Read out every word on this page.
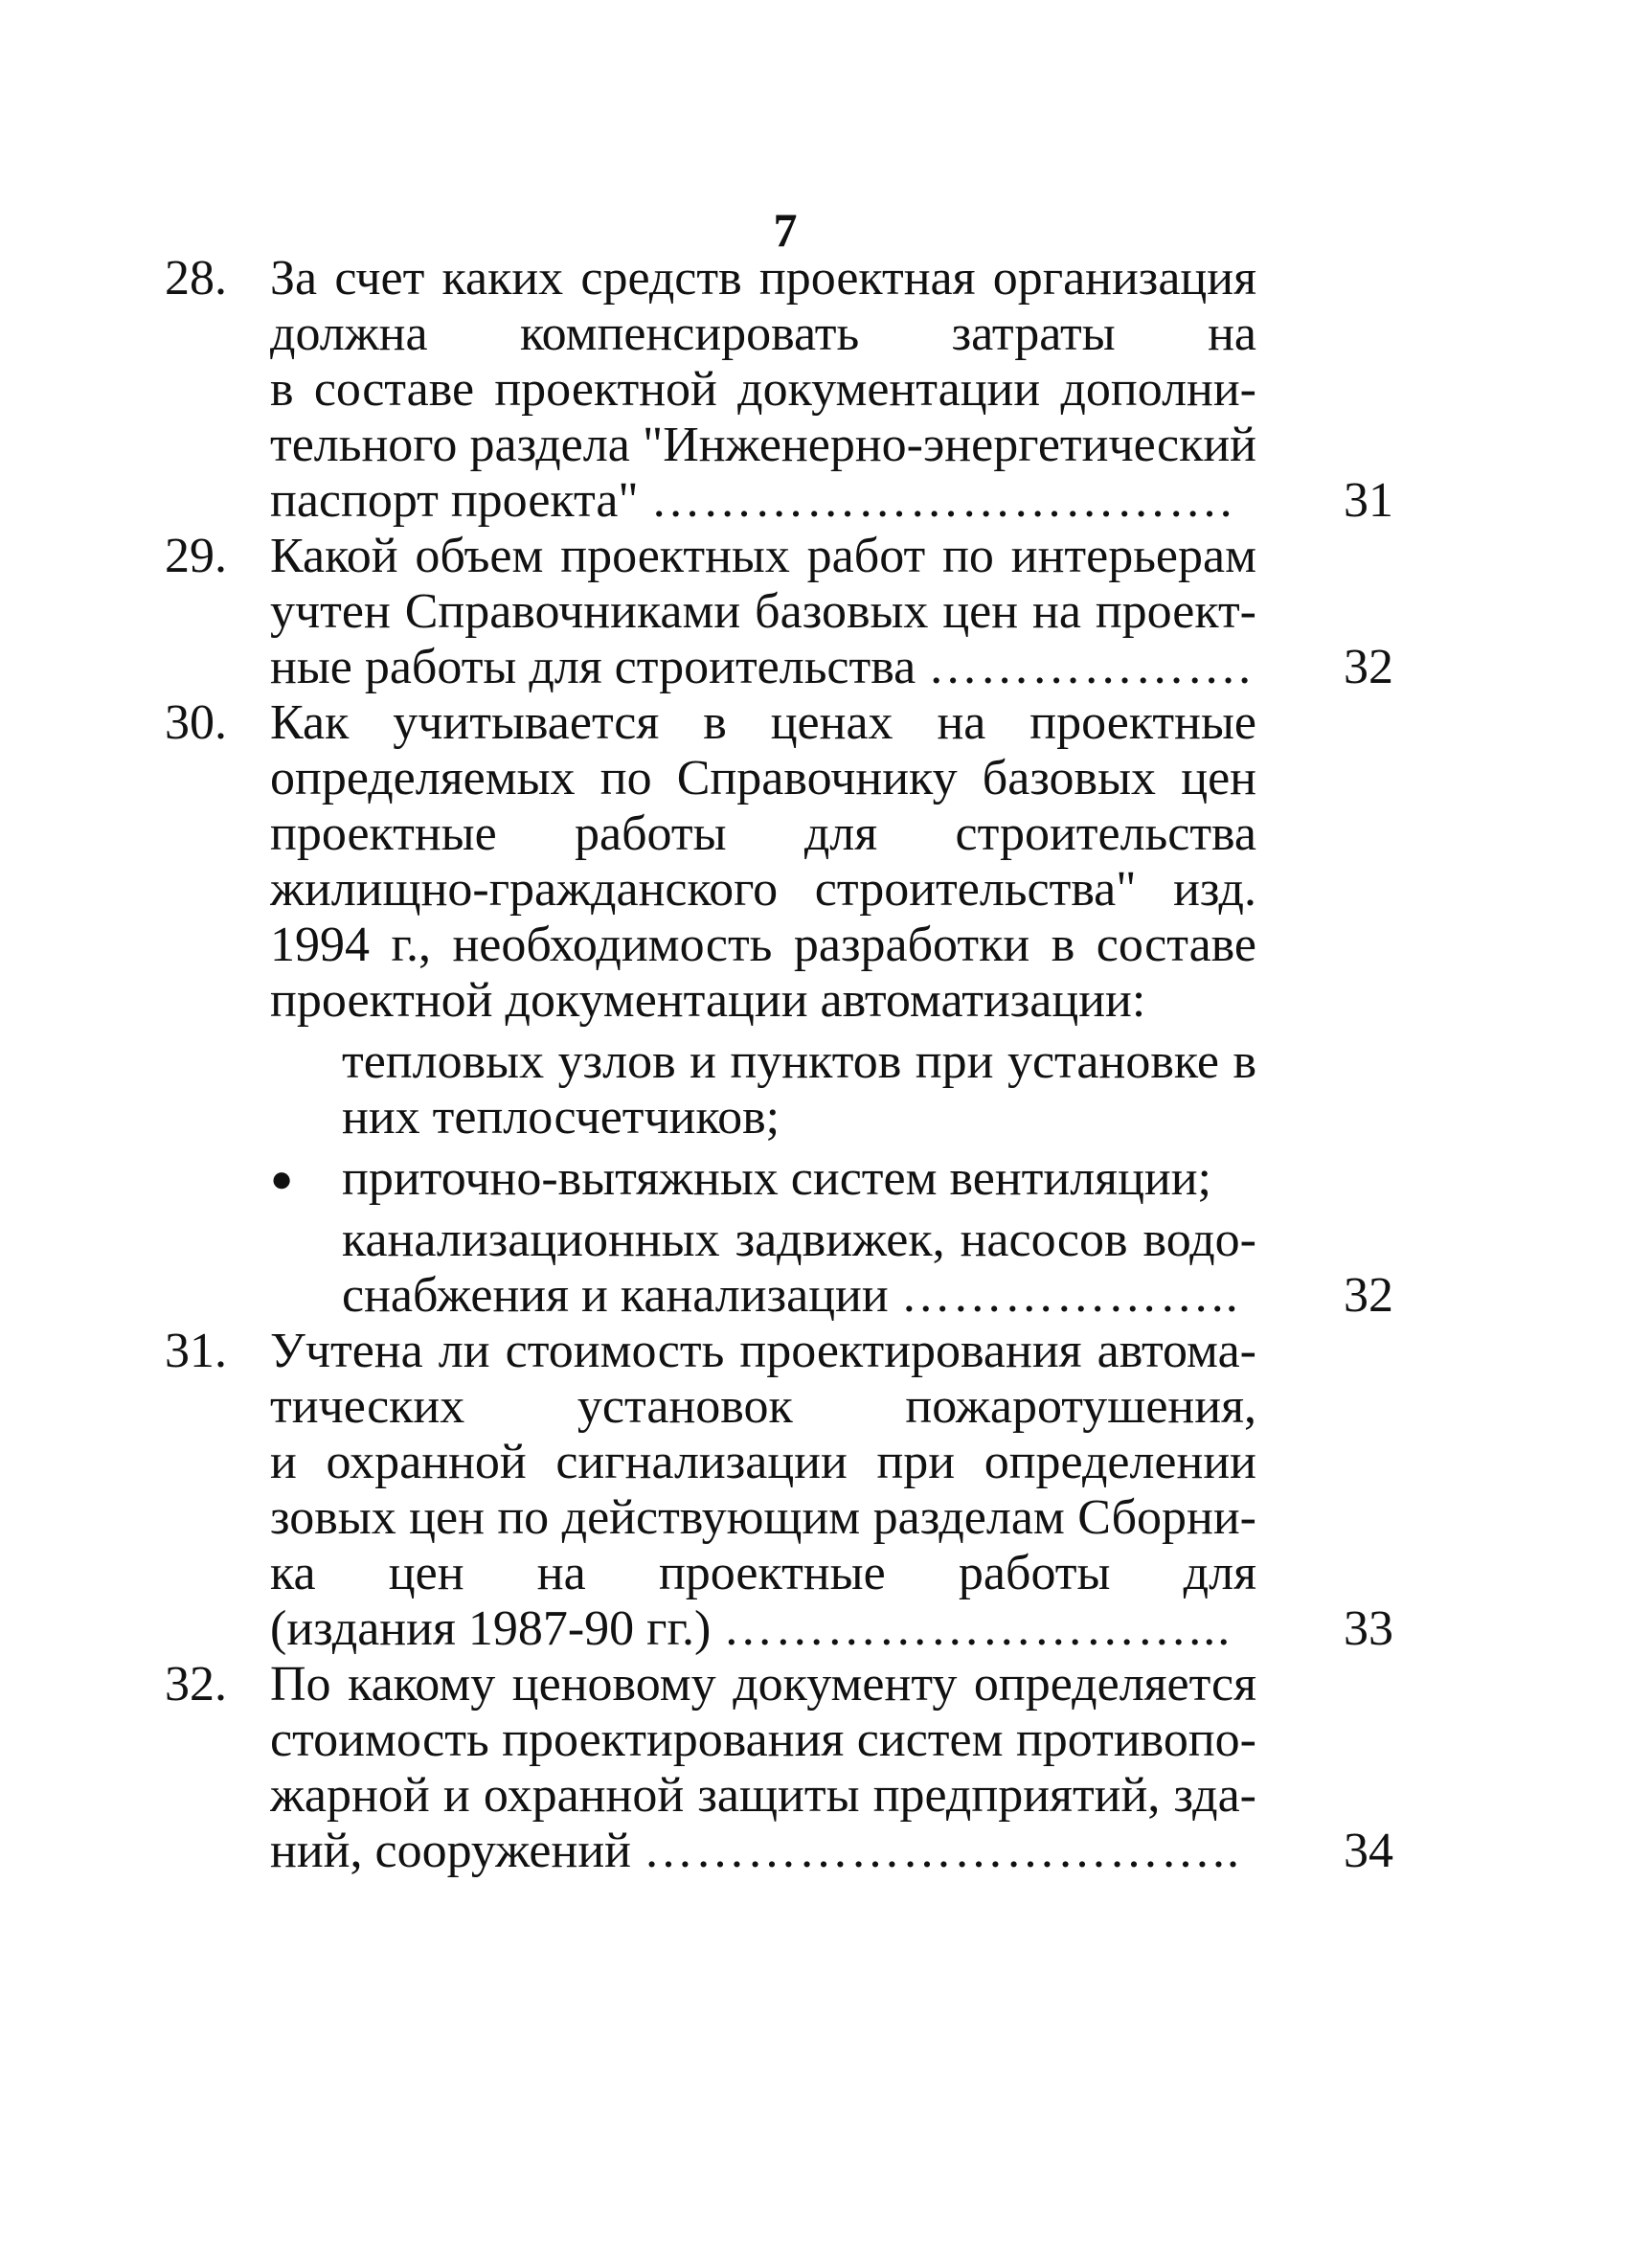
7
28. За счет каких средств проектная организация
должна компенсировать затраты на
в составе проектной документации дополни-
тельного раздела "Инженерно-энергетический
паспорт проекта" ……………………………. 31
29. Какой объем проектных работ по интерьерам
учтен Справочниками базовых цен на проект-
ные работы для строительства ………………. 32
30. Как учитывается в ценах на проектные
определяемых по Справочнику базовых цен
проектные работы для строительства
жилищно-гражданского строительства" изд.
1994 г., необходимость разработки в составе
проектной документации автоматизации:
тепловых узлов и пунктов при установке в
них теплосчетчиков;
● приточно-вытяжных систем вентиляции;
канализационных задвижек, насосов водо-
снабжения и канализации ……………….. 32
31. Учтена ли стоимость проектирования автома-
тических установок пожаротушения,
и охранной сигнализации при определении
зовых цен по действующим разделам Сборни-
ка цен на проектные работы для
(издания 1987-90 гг.) ………………………... 33
32. По какому ценовому документу определяется
стоимость проектирования систем противопо-
жарной и охранной защиты предприятий, зда-
ний, сооружений …………………………….. 34
